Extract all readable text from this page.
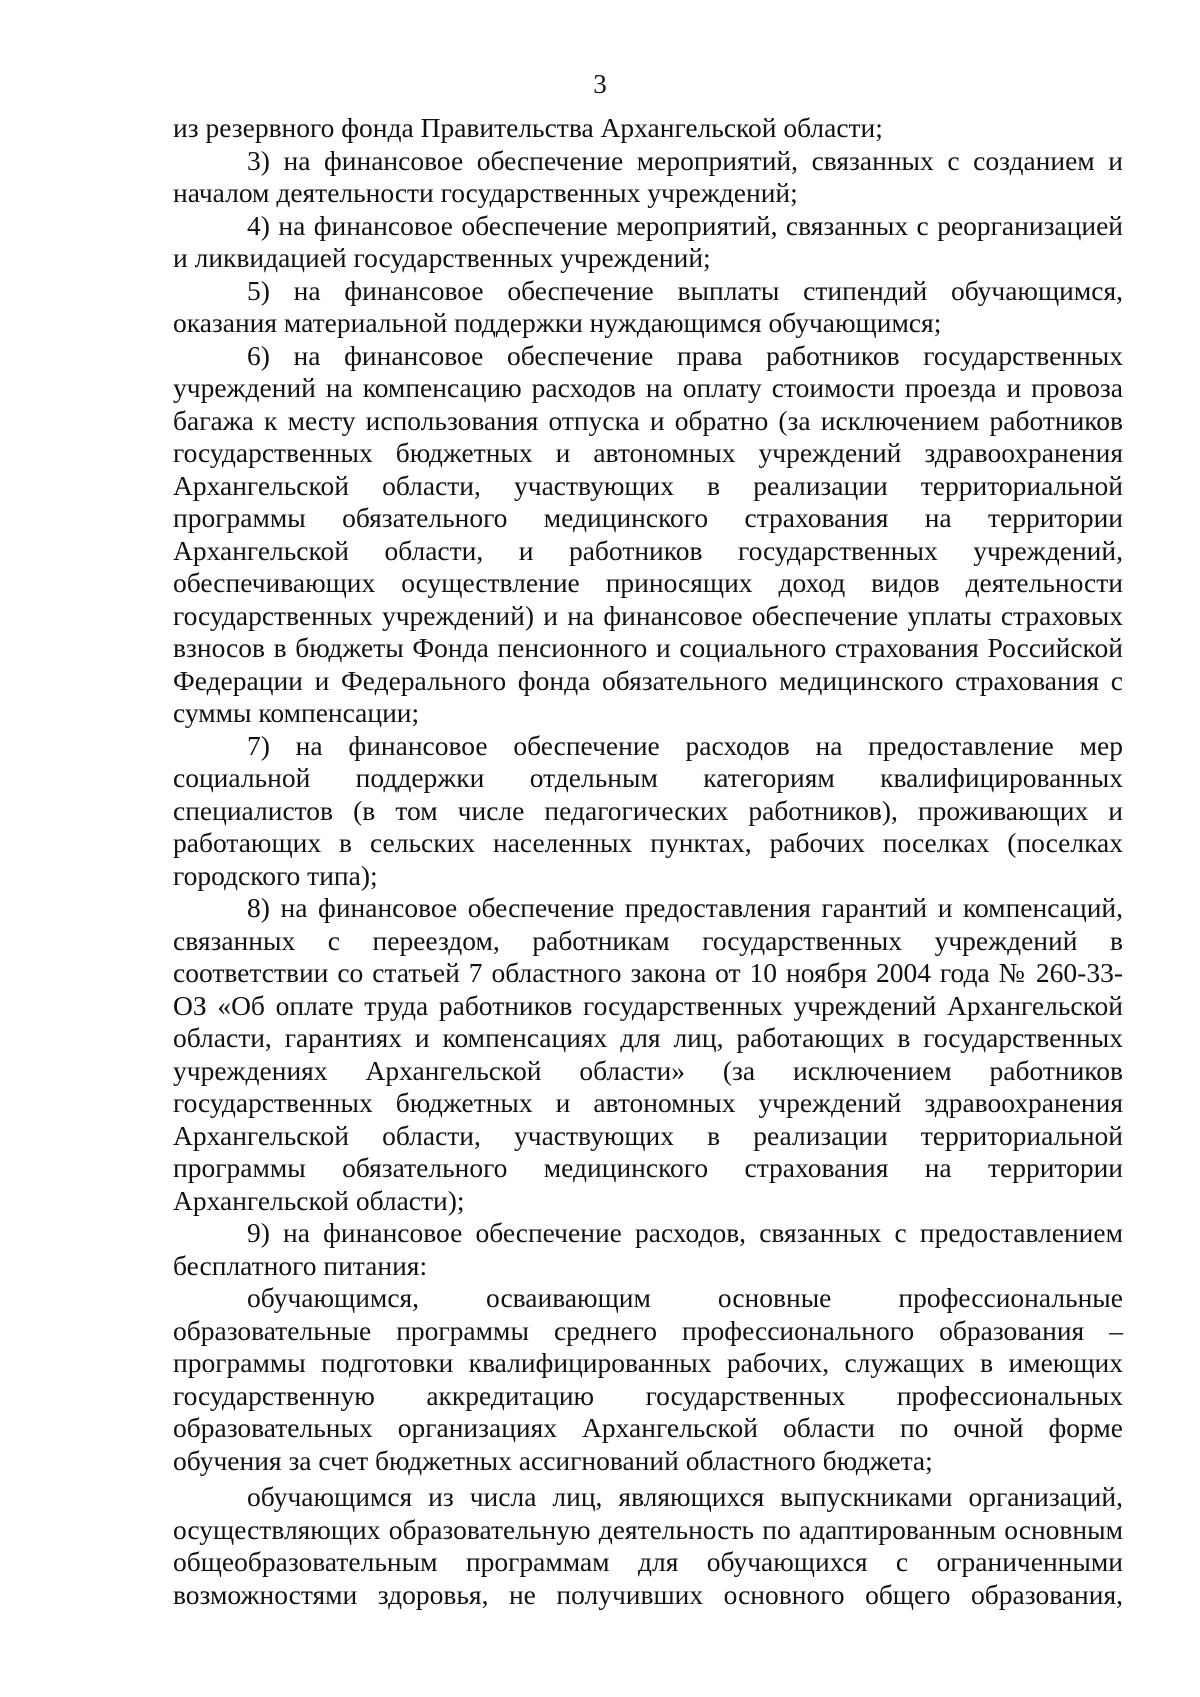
3

из резервного фонда Правительства Архангельской области;

3) на финансовое обеспечение мероприятий, связанных с созданием и началом деятельности государственных учреждений;

4) на финансовое обеспечение мероприятий, связанных с реорганизацией и ликвидацией государственных учреждений;

5) на финансовое обеспечение выплаты стипендий обучающимся, оказания материальной поддержки нуждающимся обучающимся;

6) на финансовое обеспечение права работников государственных учреждений на компенсацию расходов на оплату стоимости проезда и провоза багажа к месту использования отпуска и обратно (за исключением работников государственных бюджетных и автономных учреждений здравоохранения Архангельской области, участвующих в реализации территориальной программы обязательного медицинского страхования на территории Архангельской области, и работников государственных учреждений, обеспечивающих осуществление приносящих доход видов деятельности государственных учреждений) и на финансовое обеспечение уплаты страховых взносов в бюджеты Фонда пенсионного и социального страхования Российской Федерации и Федерального фонда обязательного медицинского страхования с суммы компенсации;

7) на финансовое обеспечение расходов на предоставление мер социальной поддержки отдельным категориям квалифицированных специалистов (в том числе педагогических работников), проживающих и работающих в сельских населенных пунктах, рабочих поселках (поселках городского типа);

8) на финансовое обеспечение предоставления гарантий и компенсаций, связанных с переездом, работникам государственных учреждений в соответствии со статьей 7 областного закона от 10 ноября 2004 года № 260-33-ОЗ «Об оплате труда работников государственных учреждений Архангельской области, гарантиях и компенсациях для лиц, работающих в государственных учреждениях Архангельской области» (за исключением работников государственных бюджетных и автономных учреждений здравоохранения Архангельской области, участвующих в реализации территориальной программы обязательного медицинского страхования на территории Архангельской области);

9) на финансовое обеспечение расходов, связанных с предоставлением бесплатного питания:

обучающимся, осваивающим основные профессиональные образовательные программы среднего профессионального образования – программы подготовки квалифицированных рабочих, служащих в имеющих государственную аккредитацию государственных профессиональных образовательных организациях Архангельской области по очной форме обучения за счет бюджетных ассигнований областного бюджета;

обучающимся из числа лиц, являющихся выпускниками организаций, осуществляющих образовательную деятельность по адаптированным основным общеобразовательным программам для обучающихся с ограниченными возможностями здоровья, не получивших основного общего образования,
